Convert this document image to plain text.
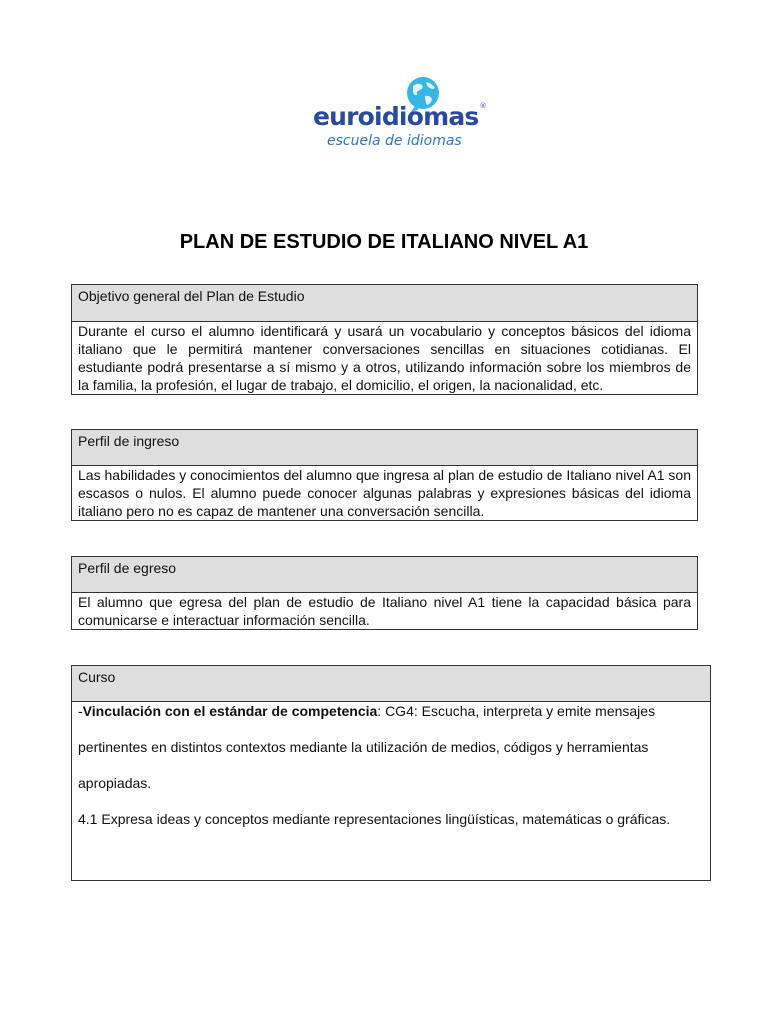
euroidiomas®
escuela de idiomas
PLAN DE ESTUDIO DE ITALIANO NIVEL A1
Objetivo general del Plan de Estudio
Durante el curso el alumno identificará y usará un vocabulario y conceptos básicos del idioma italiano que le permitirá mantener conversaciones sencillas en situaciones cotidianas. El estudiante podrá presentarse a sí mismo y a otros, utilizando información sobre los miembros de la familia, la profesión, el lugar de trabajo, el domicilio, el origen, la nacionalidad, etc.
Perfil de ingreso
Las habilidades y conocimientos del alumno que ingresa al plan de estudio de Italiano nivel A1 son escasos o nulos. El alumno puede conocer algunas palabras y expresiones básicas del idioma italiano pero no es capaz de mantener una conversación sencilla.
Perfil de egreso
El alumno que egresa del plan de estudio de Italiano nivel A1 tiene la capacidad básica para comunicarse e interactuar información sencilla.
Curso

-Vinculación con el estándar de competencia: CG4: Escucha, interpreta y emite mensajes pertinentes en distintos contextos mediante la utilización de medios, códigos y herramientas apropiadas.

4.1 Expresa ideas y conceptos mediante representaciones lingüísticas, matemáticas o gráficas.
